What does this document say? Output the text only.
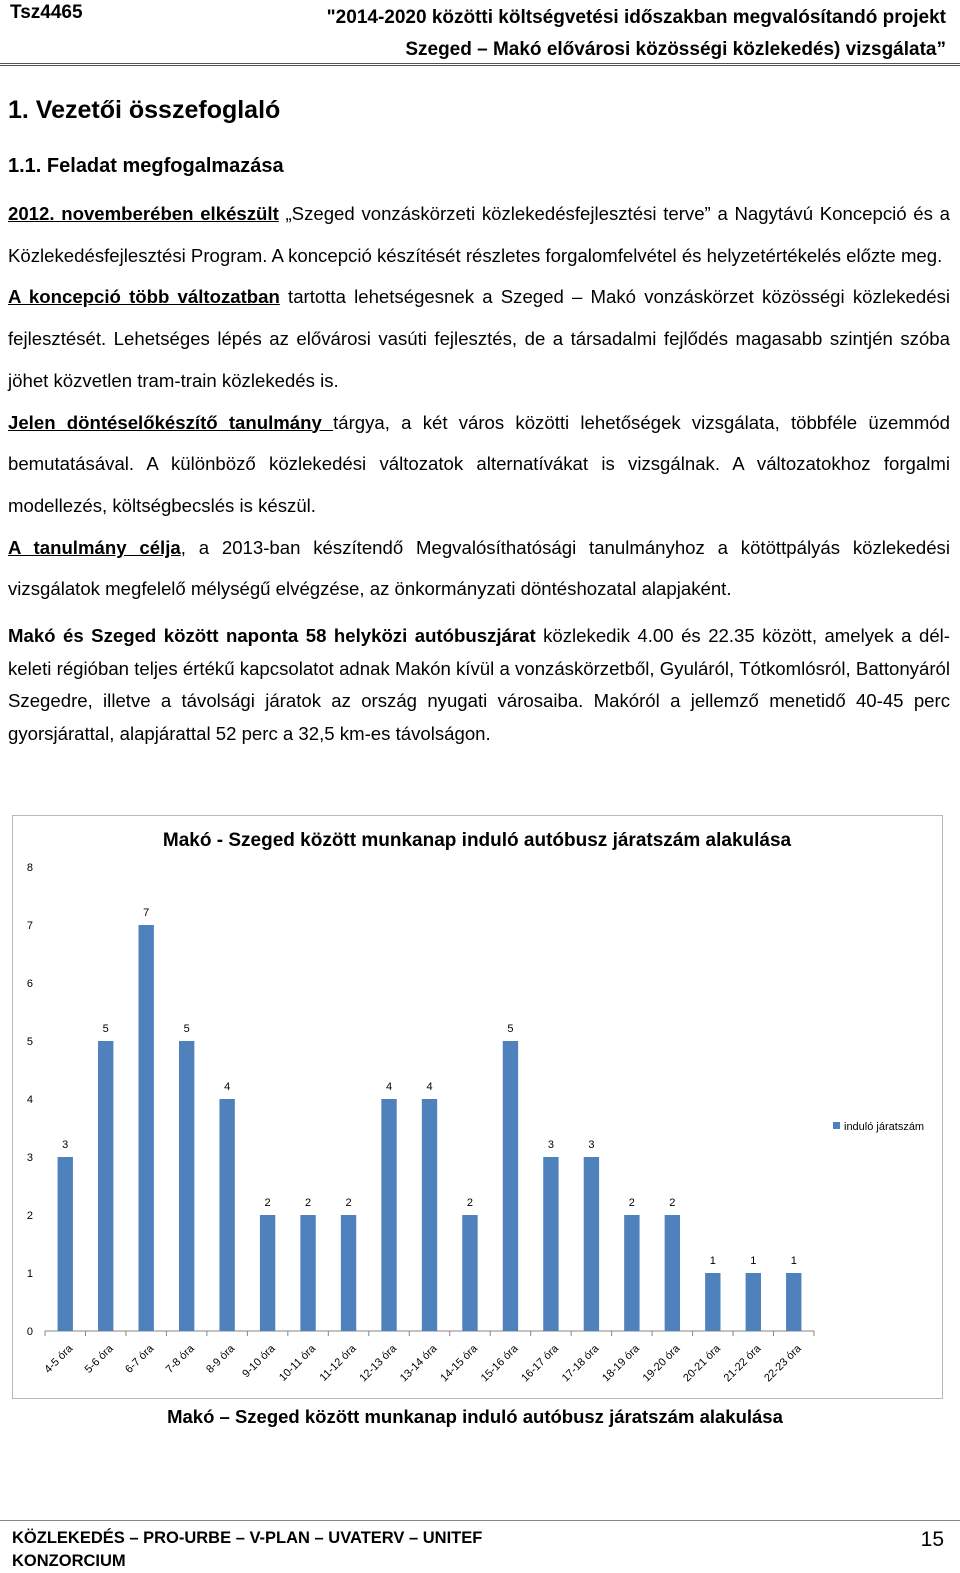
Tsz4465	"2014-2020 közötti költségvetési időszakban megvalósítandó projekt
Szeged – Makó elővárosi közösségi közlekedés) vizsgálata”
1. Vezetői összefoglaló
1.1. Feladat megfogalmazása

2012. novemberében elkészült „Szeged vonzáskörzeti közlekedésfejlesztési terve” a Nagytávú Koncepció és a Közlekedésfejlesztési Program. A koncepció készítését részletes forgalomfelvétel és helyzetértékelés előzte meg.

A koncepció több változatban tartotta lehetségesnek a Szeged – Makó vonzáskörzet közösségi közlekedési fejlesztését. Lehetséges lépés az elővárosi vasúti fejlesztés, de a társadalmi fejlődés magasabb szintjén szóba jöhet közvetlen tram-train közlekedés is.

Jelen döntéselőkészítő tanulmány tárgya, a két város közötti lehetőségek vizsgálata, többféle üzemmód bemutatásával. A különböző közlekedési változatok alternatívákat is vizsgálnak. A változatokhoz forgalmi modellezés, költségbecslés is készül.

A tanulmány célja, a 2013-ban készítendő Megvalósíthatósági tanulmányhoz a kötöttpályás közlekedési vizsgálatok megfelelő mélységű elvégzése, az önkormányzati döntéshozatal alapjaként.

Makó és Szeged között naponta 58 helyközi autóbuszjárat közlekedik 4.00 és 22.35 között, amelyek a dél-keleti régióban teljes értékű kapcsolatot adnak Makón kívül a vonzáskörzetből, Gyuláról, Tótkomlósról, Battonyáról Szegedre, illetve a távolsági járatok az ország nyugati városaiba. Makóról a jellemző menetidő 40-45 perc gyorsjárattal, alapjárattal 52 perc a 32,5 km-es távolságon.

Makó - Szeged között munkanap induló autóbusz járatszám alakulása
0
1
2
3
4
5
6
7
8
3
4-5 óra
5
5-6 óra
7
6-7 óra
5
7-8 óra
4
8-9 óra
2
9-10 óra
2
10-11 óra
2
11-12 óra
4
12-13 óra
4
13-14 óra
2
14-15 óra
5
15-16 óra
3
16-17 óra
3
17-18 óra
2
18-19 óra
2
19-20 óra
1
20-21 óra
1
21-22 óra
1
22-23 óra
induló járatszám
Makó – Szeged között munkanap induló autóbusz járatszám alakulása
KÖZLEKEDÉS – PRO-URBE – V-PLAN – UVATERV – UNITEF KONZORCIUM
15
